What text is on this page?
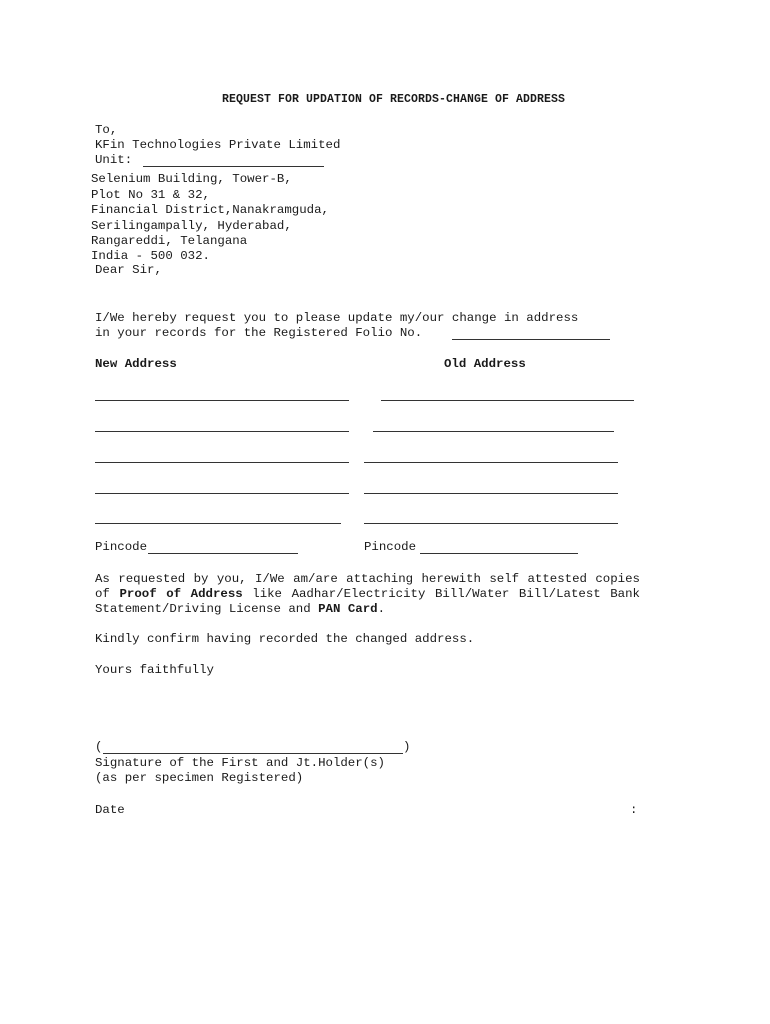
REQUEST FOR UPDATION OF RECORDS-CHANGE OF ADDRESS
To,
KFin Technologies Private Limited
Unit:
Selenium Building, Tower-B,
Plot No 31 & 32,
Financial District,Nanakramguda,
Serilingampally, Hyderabad,
Rangareddi, Telangana
India - 500 032.
Dear Sir,
I/We hereby request you to please update my/our change in address
in your records for the Registered Folio No.
New Address	Old Address
Pincode	Pincode
As requested by you, I/We am/are attaching herewith self attested copies of Proof of Address like Aadhar/Electricity Bill/Water Bill/Latest Bank Statement/Driving License and PAN Card.
Kindly confirm having recorded the changed address.
Yours faithfully
(	)
Signature of the First and Jt.Holder(s)
(as per specimen Registered)
Date	:
